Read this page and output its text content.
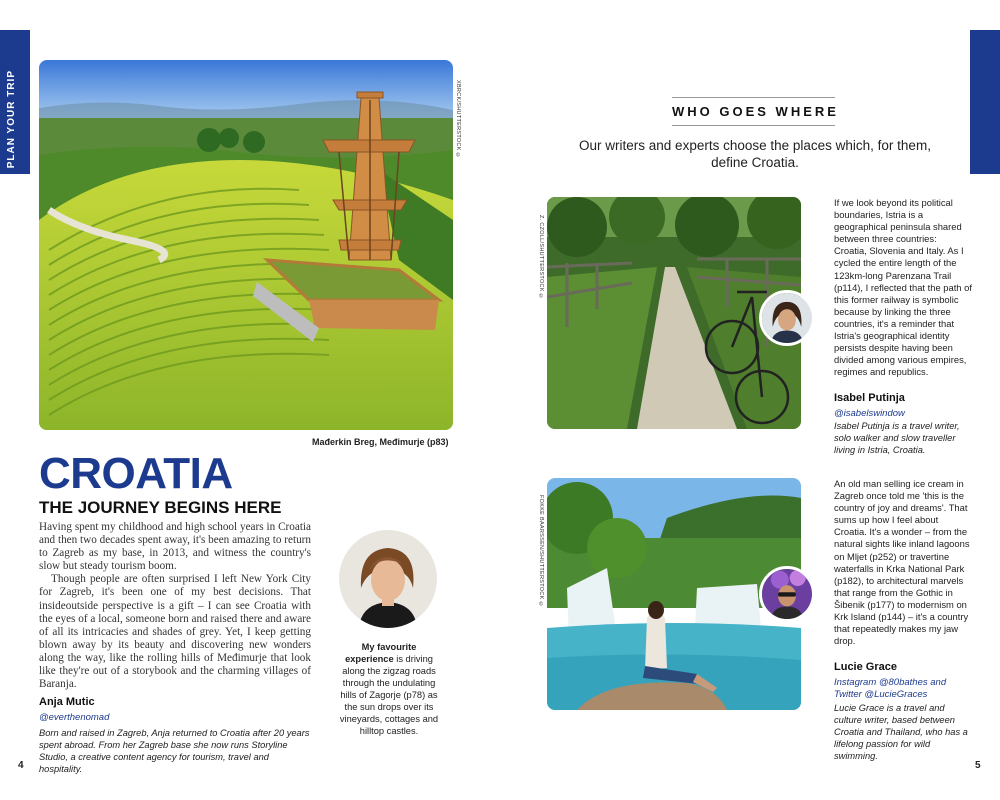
PLAN YOUR TRIP	XBRCK/SHUTTERSTOCK ©
Mađerkin Breg, Međimurje (p83)
CROATIA
THE JOURNEY BEGINS HERE

Having spent my childhood and high school years in Croatia and then two decades spent away, it's been amazing to return to Zagreb as my base, in 2013, and witness the country's slow but steady tourism boom.

Though people are often surprised I left New York City for Zagreb, it's been one of my best decisions. That insideoutside perspective is a gift – I can see Croatia with the eyes of a local, someone born and raised there and aware of all its intricacies and shades of grey. Yet, I keep getting blown away by its beauty and discovering new wonders along the way, like the rolling hills of Međimurje that look like they're out of a storybook and the charming villages of Baranja.

Anja Mutic
@everthenomad
Born and raised in Zagreb, Anja returned to Croatia after 20 years spent abroad. From her Zagreb base she now runs Storyline Studio, a creative content agency for tourism, travel and hospitality.
My favourite experience is driving along the zigzag roads through the undulating hills of Zagorje (p78) as the sun drops over its vineyards, cottages and hilltop castles.
4	5
WHO GOES WHERE
Our writers and experts choose the places which, for them, define Croatia.
Z. CZOLL/SHUTTERSTOCK ©
If we look beyond its political boundaries, Istria is a geographical peninsula shared between three countries: Croatia, Slovenia and Italy. As I cycled the entire length of the 123km-long Parenzana Trail (p114), I reflected that the path of this former railway is symbolic because by linking the three countries, it's a reminder that Istria's geographical identity persists despite having been divided among various empires, regimes and republics.
Isabel Putinja
@isabelswindow
Isabel Putinja is a travel writer, solo walker and slow traveller living in Istria, Croatia.
FOKKE BAARSSEN/SHUTTERSTOCK ©
An old man selling ice cream in Zagreb once told me 'this is the country of joy and dreams'. That sums up how I feel about Croatia. It's a wonder – from the natural sights like inland lagoons on Mljet (p252) or travertine waterfalls in Krka National Park (p182), to architectural marvels that range from the Gothic in Šibenik (p177) to modernism on Krk Island (p144) – it's a country that repeatedly makes my jaw drop.
Lucie Grace
Instagram @80bathes and Twitter @LucieGraces
Lucie Grace is a travel and culture writer, based between Croatia and Thailand, who has a lifelong passion for wild swimming.
